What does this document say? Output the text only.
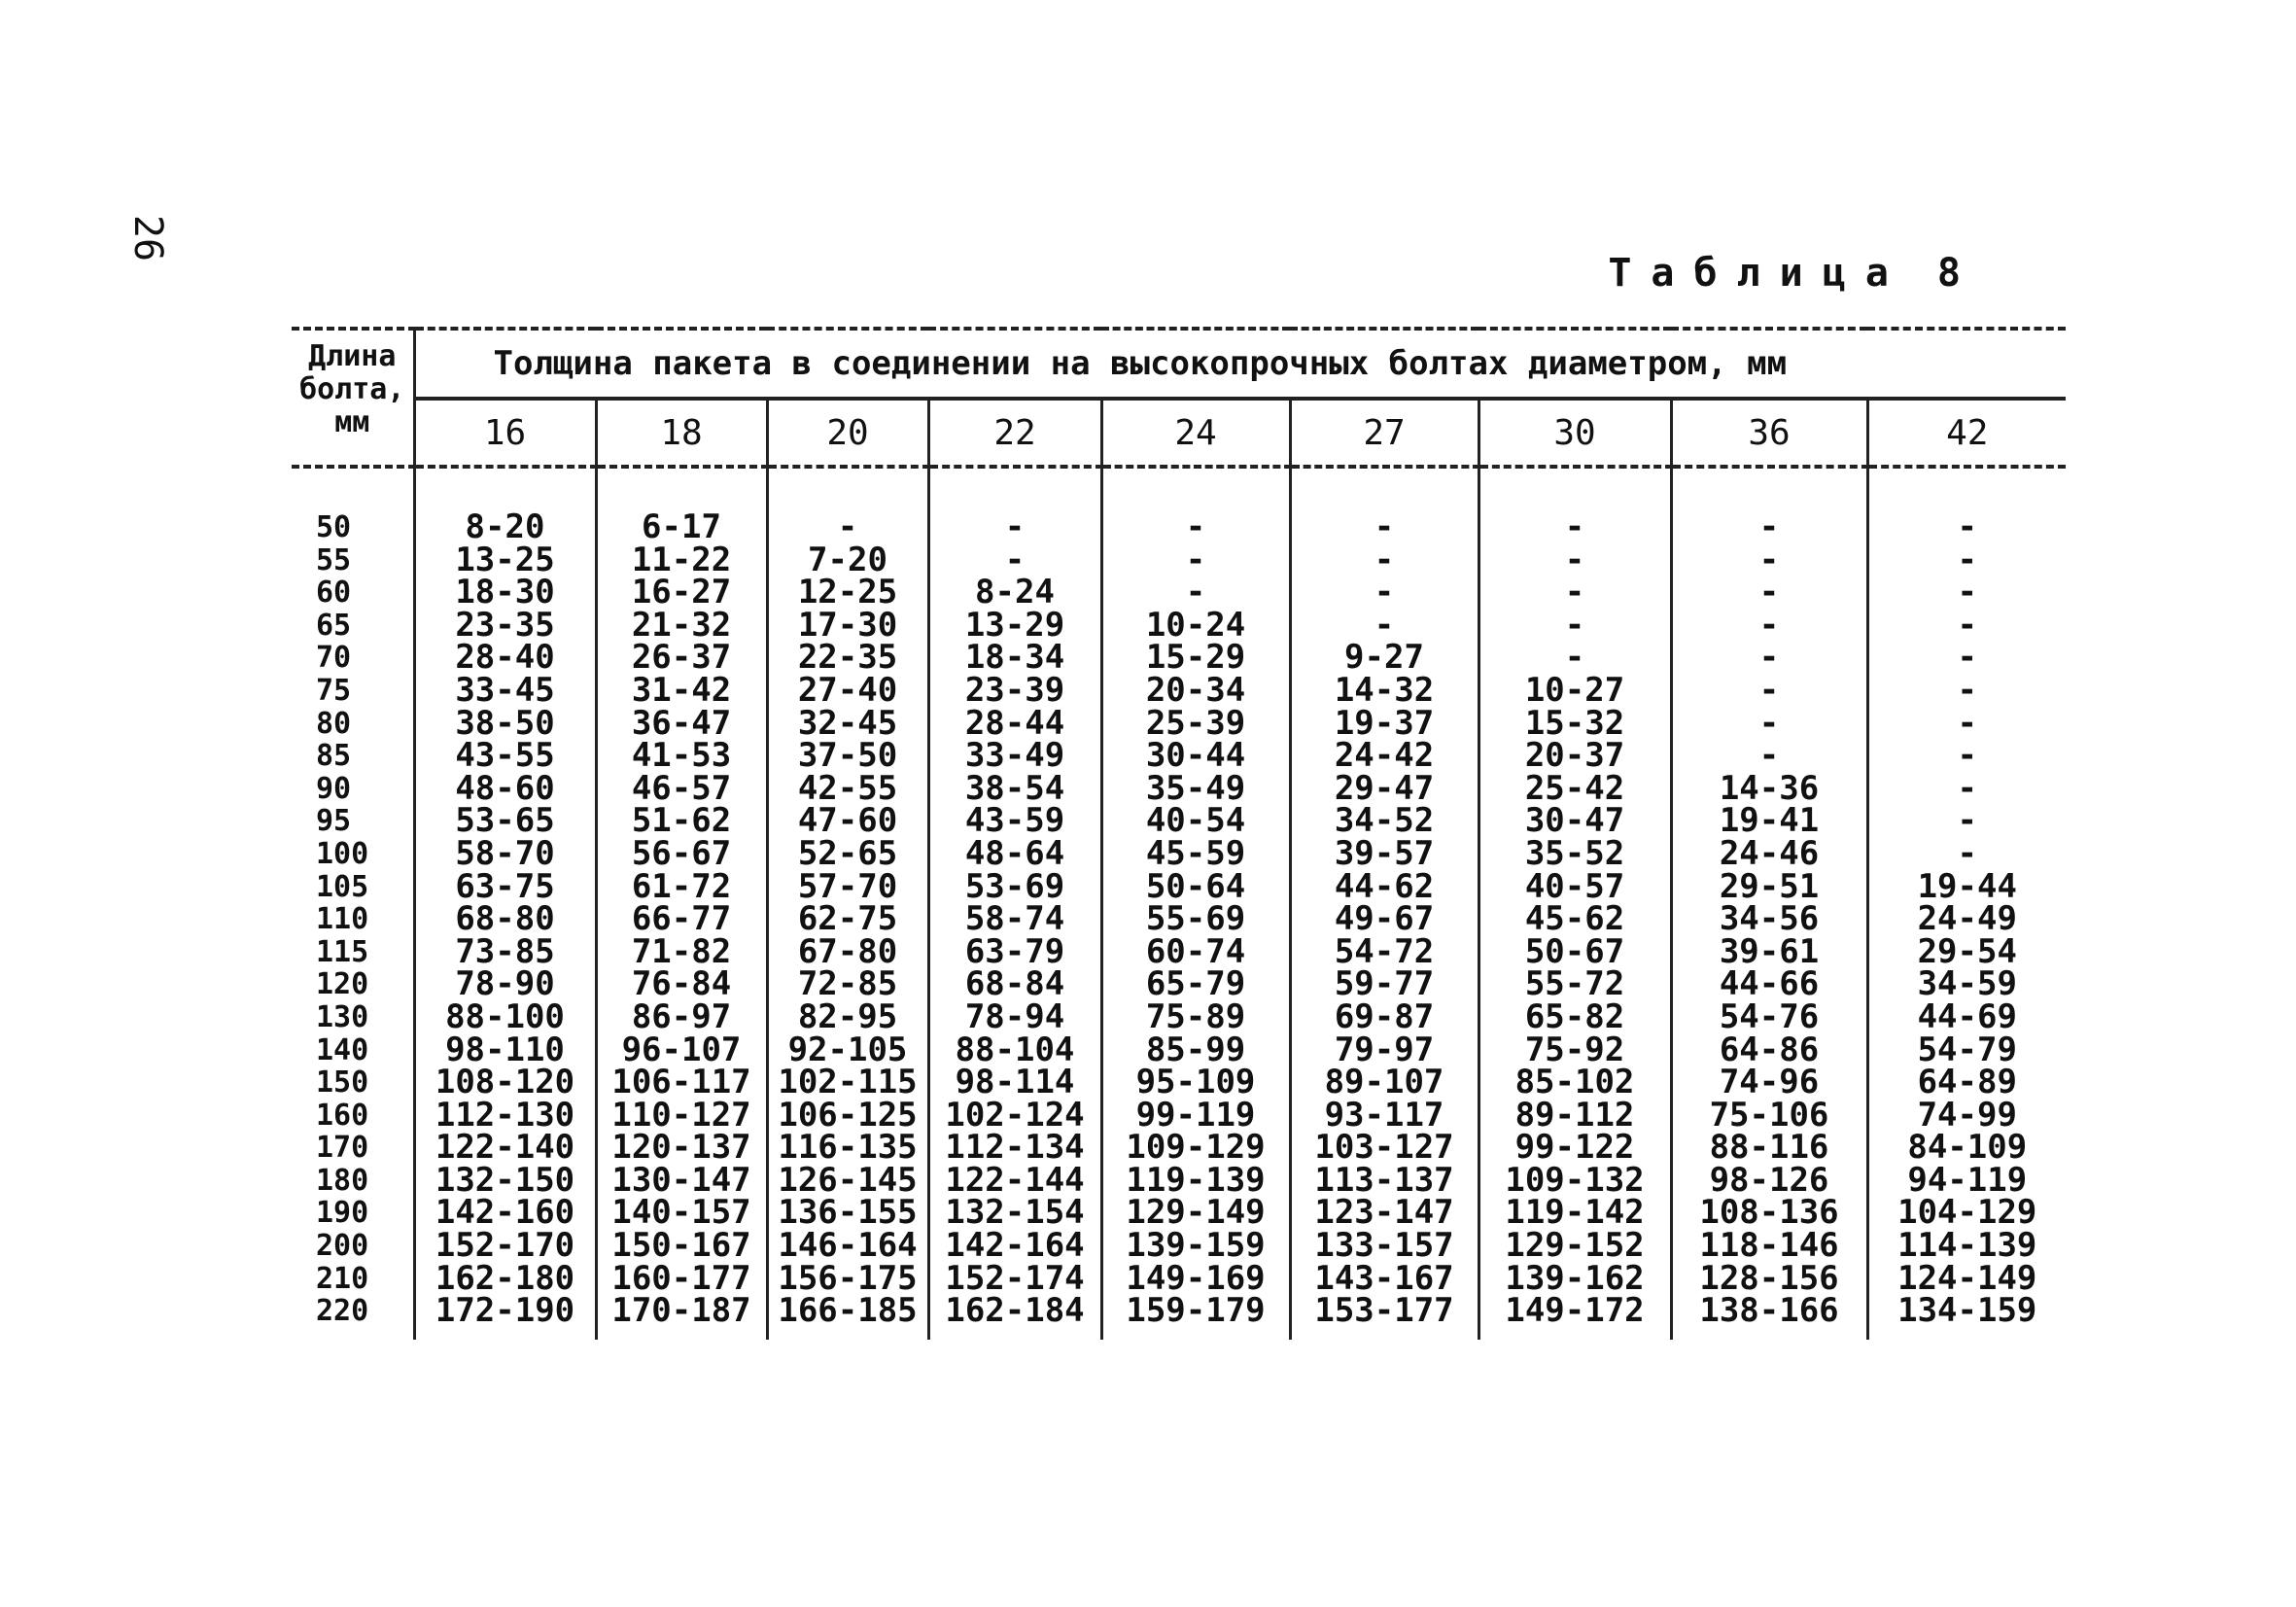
26
Таблица 8
Длина
болта,
мм	Толщина пакета в соединении на высокопрочных болтах диаметром, мм								
	16	18	20	22	24	27	30	36	42

50	8-20	6-17	-	-	-	-	-	-	-
55	13-25	11-22	7-20	-	-	-	-	-	-
60	18-30	16-27	12-25	8-24	-	-	-	-	-
65	23-35	21-32	17-30	13-29	10-24	-	-	-	-
70	28-40	26-37	22-35	18-34	15-29	9-27	-	-	-
75	33-45	31-42	27-40	23-39	20-34	14-32	10-27	-	-
80	38-50	36-47	32-45	28-44	25-39	19-37	15-32	-	-
85	43-55	41-53	37-50	33-49	30-44	24-42	20-37	-	-
90	48-60	46-57	42-55	38-54	35-49	29-47	25-42	14-36	-
95	53-65	51-62	47-60	43-59	40-54	34-52	30-47	19-41	-
100	58-70	56-67	52-65	48-64	45-59	39-57	35-52	24-46	-
105	63-75	61-72	57-70	53-69	50-64	44-62	40-57	29-51	19-44
110	68-80	66-77	62-75	58-74	55-69	49-67	45-62	34-56	24-49
115	73-85	71-82	67-80	63-79	60-74	54-72	50-67	39-61	29-54
120	78-90	76-84	72-85	68-84	65-79	59-77	55-72	44-66	34-59
130	88-100	86-97	82-95	78-94	75-89	69-87	65-82	54-76	44-69
140	98-110	96-107	92-105	88-104	85-99	79-97	75-92	64-86	54-79
150	108-120	106-117	102-115	98-114	95-109	89-107	85-102	74-96	64-89
160	112-130	110-127	106-125	102-124	99-119	93-117	89-112	75-106	74-99
170	122-140	120-137	116-135	112-134	109-129	103-127	99-122	88-116	84-109
180	132-150	130-147	126-145	122-144	119-139	113-137	109-132	98-126	94-119
190	142-160	140-157	136-155	132-154	129-149	123-147	119-142	108-136	104-129
200	152-170	150-167	146-164	142-164	139-159	133-157	129-152	118-146	114-139
210	162-180	160-177	156-175	152-174	149-169	143-167	139-162	128-156	124-149
220	172-190	170-187	166-185	162-184	159-179	153-177	149-172	138-166	134-159
